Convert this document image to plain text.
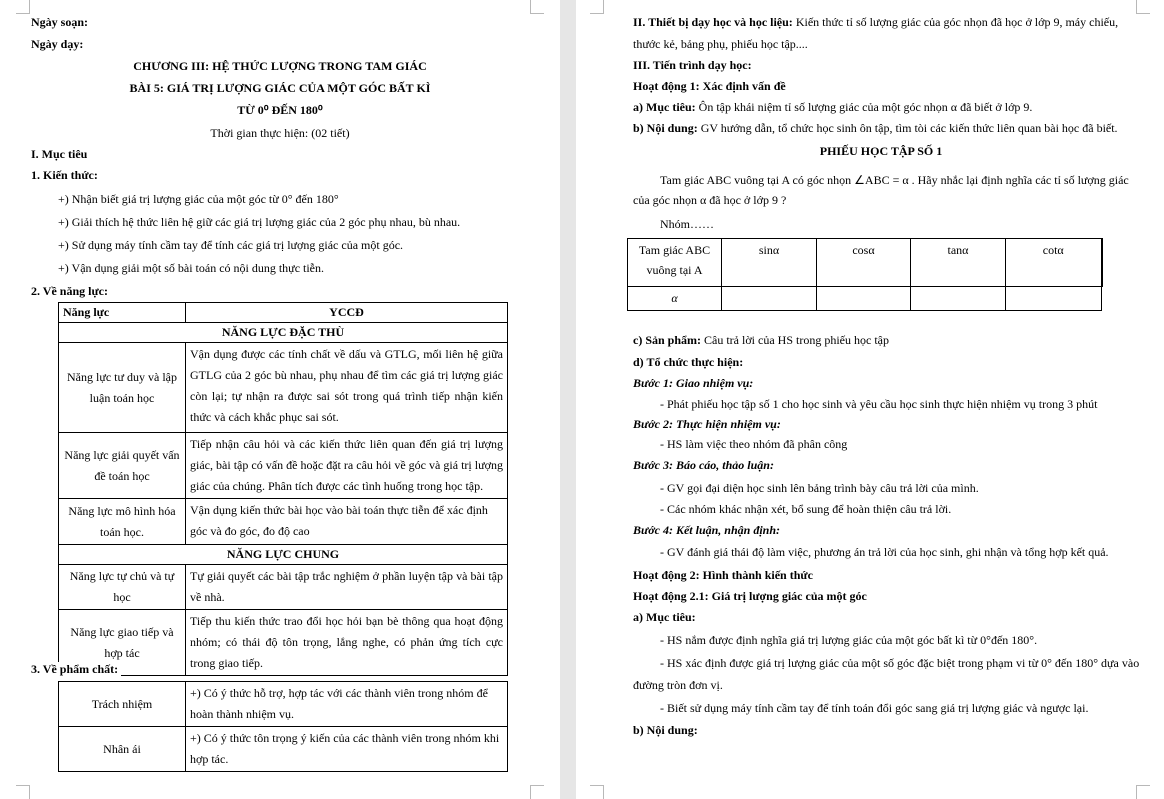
Ngày soạn:
Ngày dạy:
CHƯƠNG III: HỆ THỨC LƯỢNG TRONG TAM GIÁC
BÀI 5: GIÁ TRỊ LƯỢNG GIÁC CỦA MỘT GÓC BẤT KÌ
TỪ 0⁰ ĐẾN 180⁰
Thời gian thực hiện: (02 tiết)
I. Mục tiêu
1. Kiến thức:
+) Nhận biết giá trị lượng giác của một góc từ 0° đến 180°
+) Giải thích hệ thức liên hệ giữ các giá trị lượng giác của 2 góc phụ nhau, bù nhau.
+) Sử dụng máy tính cầm tay để tính các giá trị lượng giác của một góc.
+) Vận dụng giải một số bài toán có nội dung thực tiễn.
2. Về năng lực:
Năng lực	YCCĐ
NĂNG LỰC ĐẶC THÙ	
Năng lực tư duy và lập luận toán học	Vận dụng được các tính chất về dấu và GTLG, mối liên hệ giữa GTLG của 2 góc bù nhau, phụ nhau để tìm các giá trị lượng giác còn lại; tự nhận ra được sai sót trong quá trình tiếp nhận kiến thức và cách khắc phục sai sót.
Năng lực giải quyết vấn đề toán học	Tiếp nhận câu hỏi và các kiến thức liên quan đến giá trị lượng giác, bài tập có vấn đề hoặc đặt ra câu hỏi về góc và giá trị lượng giác của chúng. Phân tích được các tình huống trong học tập.
Năng lực mô hình hóa toán học.	Vận dụng kiến thức bài học vào bài toán thực tiễn để xác định góc và đo góc, đo độ cao
NĂNG LỰC CHUNG	
Năng lực tự chủ và tự học	Tự giải quyết các bài tập trắc nghiệm ở phần luyện tập và bài tập về nhà.
Năng lực giao tiếp và hợp tác	Tiếp thu kiến thức trao đổi học hỏi bạn bè thông qua hoạt động nhóm; có thái độ tôn trọng, lắng nghe, có phản ứng tích cực trong giao tiếp.
3. Về phẩm chất:
Trách nhiệm	+) Có ý thức hỗ trợ, hợp tác với các thành viên trong nhóm để hoàn thành nhiệm vụ.
Nhân ái	+) Có ý thức tôn trọng ý kiến của các thành viên trong nhóm khi hợp tác.
II. Thiết bị dạy học và học liệu: Kiến thức tỉ số lượng giác của góc nhọn đã học ở lớp 9, máy chiếu,
thước kẻ, bảng phụ, phiếu học tập....
III. Tiến trình dạy học:
Hoạt động 1: Xác định vấn đề
a) Mục tiêu: Ôn tập khái niệm tỉ số lượng giác của một góc nhọn α đã biết ở lớp 9.
b) Nội dung: GV hướng dẫn, tổ chức học sinh ôn tập, tìm tòi các kiến thức liên quan bài học đã biết.
PHIẾU HỌC TẬP SỐ 1
Tam giác ABC vuông tại A có góc nhọn ∠ABC = α . Hãy nhắc lại định nghĩa các tỉ số lượng giác
của góc nhọn α đã học ở lớp 9 ?
Nhóm……
Tam giác ABC
vuông tại A	sinα	cosα	tanα	cotα
α				
c) Sản phẩm: Câu trả lời của HS trong phiếu học tập
d) Tổ chức thực hiện:
Bước 1: Giao nhiệm vụ:
- Phát phiếu học tập số 1 cho học sinh và yêu cầu học sinh thực hiện nhiệm vụ trong 3 phút
Bước 2: Thực hiện nhiệm vụ:
- HS làm việc theo nhóm đã phân công
Bước 3: Báo cáo, thảo luận:
- GV gọi đại diện học sinh lên bảng trình bày câu trả lời của mình.
- Các nhóm khác nhận xét, bổ sung để hoàn thiện câu trả lời.
Bước 4: Kết luận, nhận định:
- GV đánh giá thái độ làm việc, phương án trả lời của học sinh, ghi nhận và tổng hợp kết quả.
Hoạt động 2: Hình thành kiến thức
Hoạt động 2.1: Giá trị lượng giác của một góc
a) Mục tiêu:
- HS nắm được định nghĩa giá trị lượng giác của một góc bất kì từ 0°đến 180°.
- HS xác định được giá trị lượng giác của một số góc đặc biệt trong phạm vi từ 0° đến 180° dựa vào
đường tròn đơn vị.
- Biết sử dụng máy tính cầm tay để tính toán đổi góc sang giá trị lượng giác và ngược lại.
b) Nội dung:
